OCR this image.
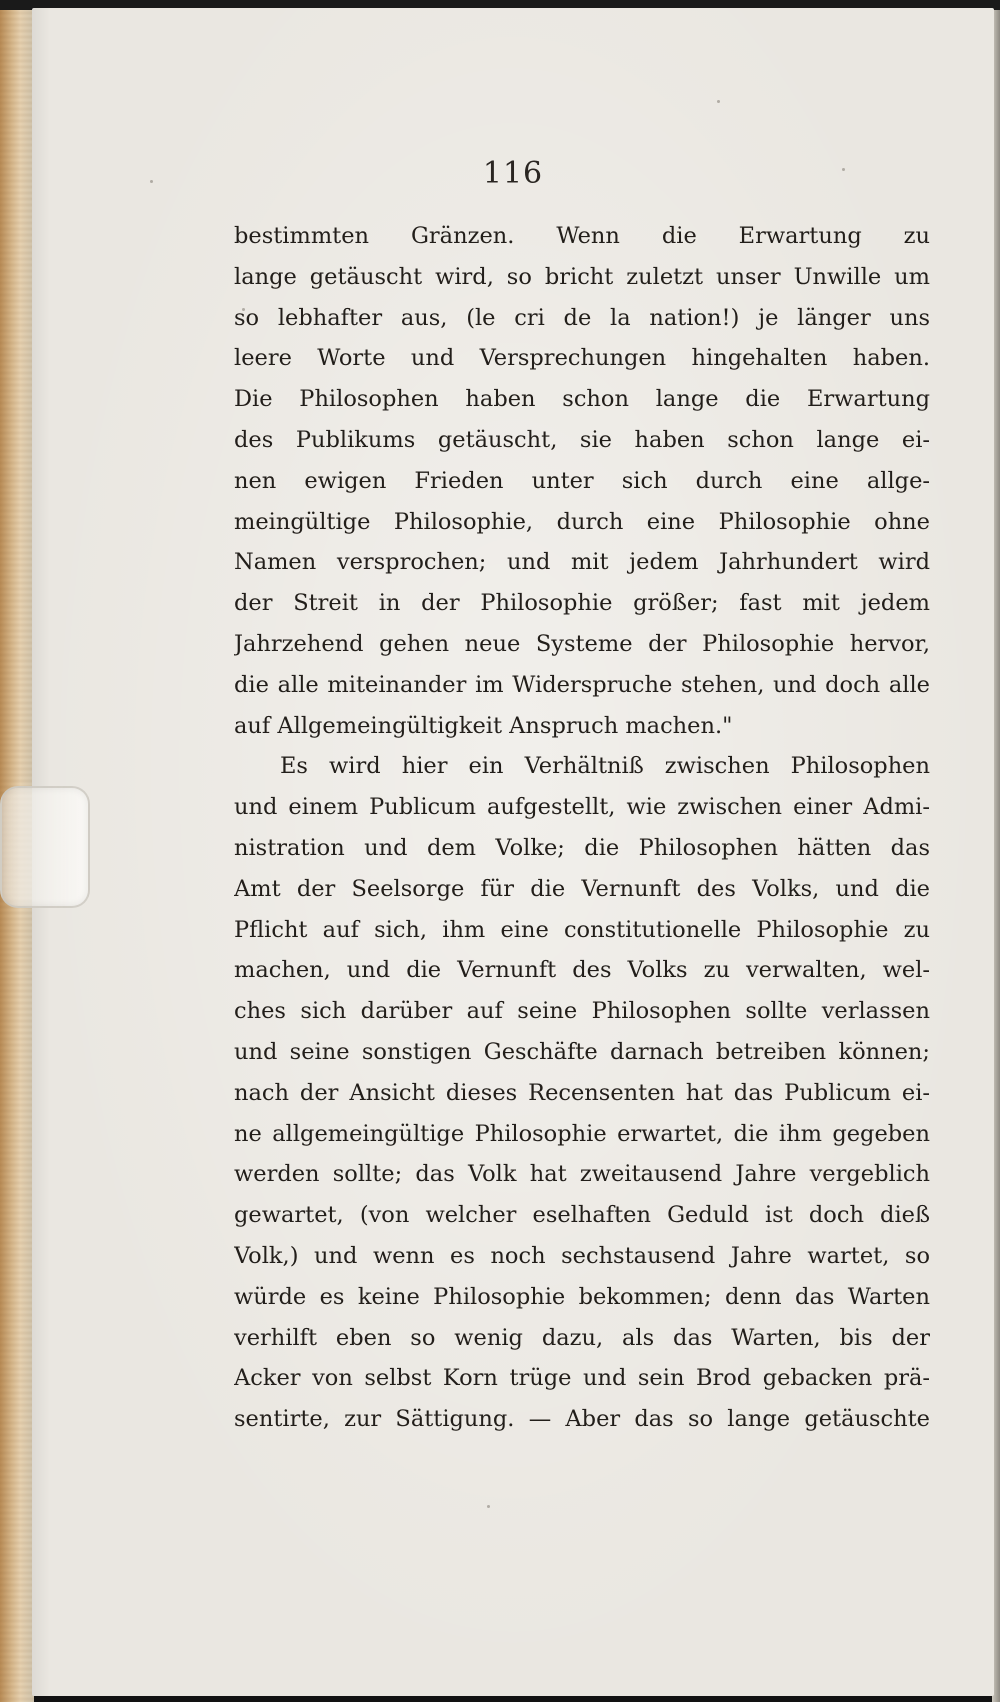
116
bestimmten Gränzen. Wenn die Erwartung zu
lange getäuscht wird, so bricht zuletzt unser Unwille um
so lebhafter aus, (le cri de la nation!) je länger uns
leere Worte und Versprechungen hingehalten haben.
Die Philosophen haben schon lange die Erwartung
des Publikums getäuscht, sie haben schon lange ei-
nen ewigen Frieden unter sich durch eine allge-
meingültige Philosophie, durch eine Philosophie ohne
Namen versprochen; und mit jedem Jahrhundert wird
der Streit in der Philosophie größer; fast mit jedem
Jahrzehend gehen neue Systeme der Philosophie hervor,
die alle miteinander im Widerspruche stehen, und doch alle
auf Allgemeingültigkeit Anspruch machen."
Es wird hier ein Verhältniß zwischen Philosophen
und einem Publicum aufgestellt, wie zwischen einer Admi-
nistration und dem Volke; die Philosophen hätten das
Amt der Seelsorge für die Vernunft des Volks, und die
Pflicht auf sich, ihm eine constitutionelle Philosophie zu
machen, und die Vernunft des Volks zu verwalten, wel-
ches sich darüber auf seine Philosophen sollte verlassen
und seine sonstigen Geschäfte darnach betreiben können;
nach der Ansicht dieses Recensenten hat das Publicum ei-
ne allgemeingültige Philosophie erwartet, die ihm gegeben
werden sollte; das Volk hat zweitausend Jahre vergeblich
gewartet, (von welcher eselhaften Geduld ist doch dieß
Volk,) und wenn es noch sechstausend Jahre wartet, so
würde es keine Philosophie bekommen; denn das Warten
verhilft eben so wenig dazu, als das Warten, bis der
Acker von selbst Korn trüge und sein Brod gebacken prä-
sentirte, zur Sättigung. — Aber das so lange getäuschte
